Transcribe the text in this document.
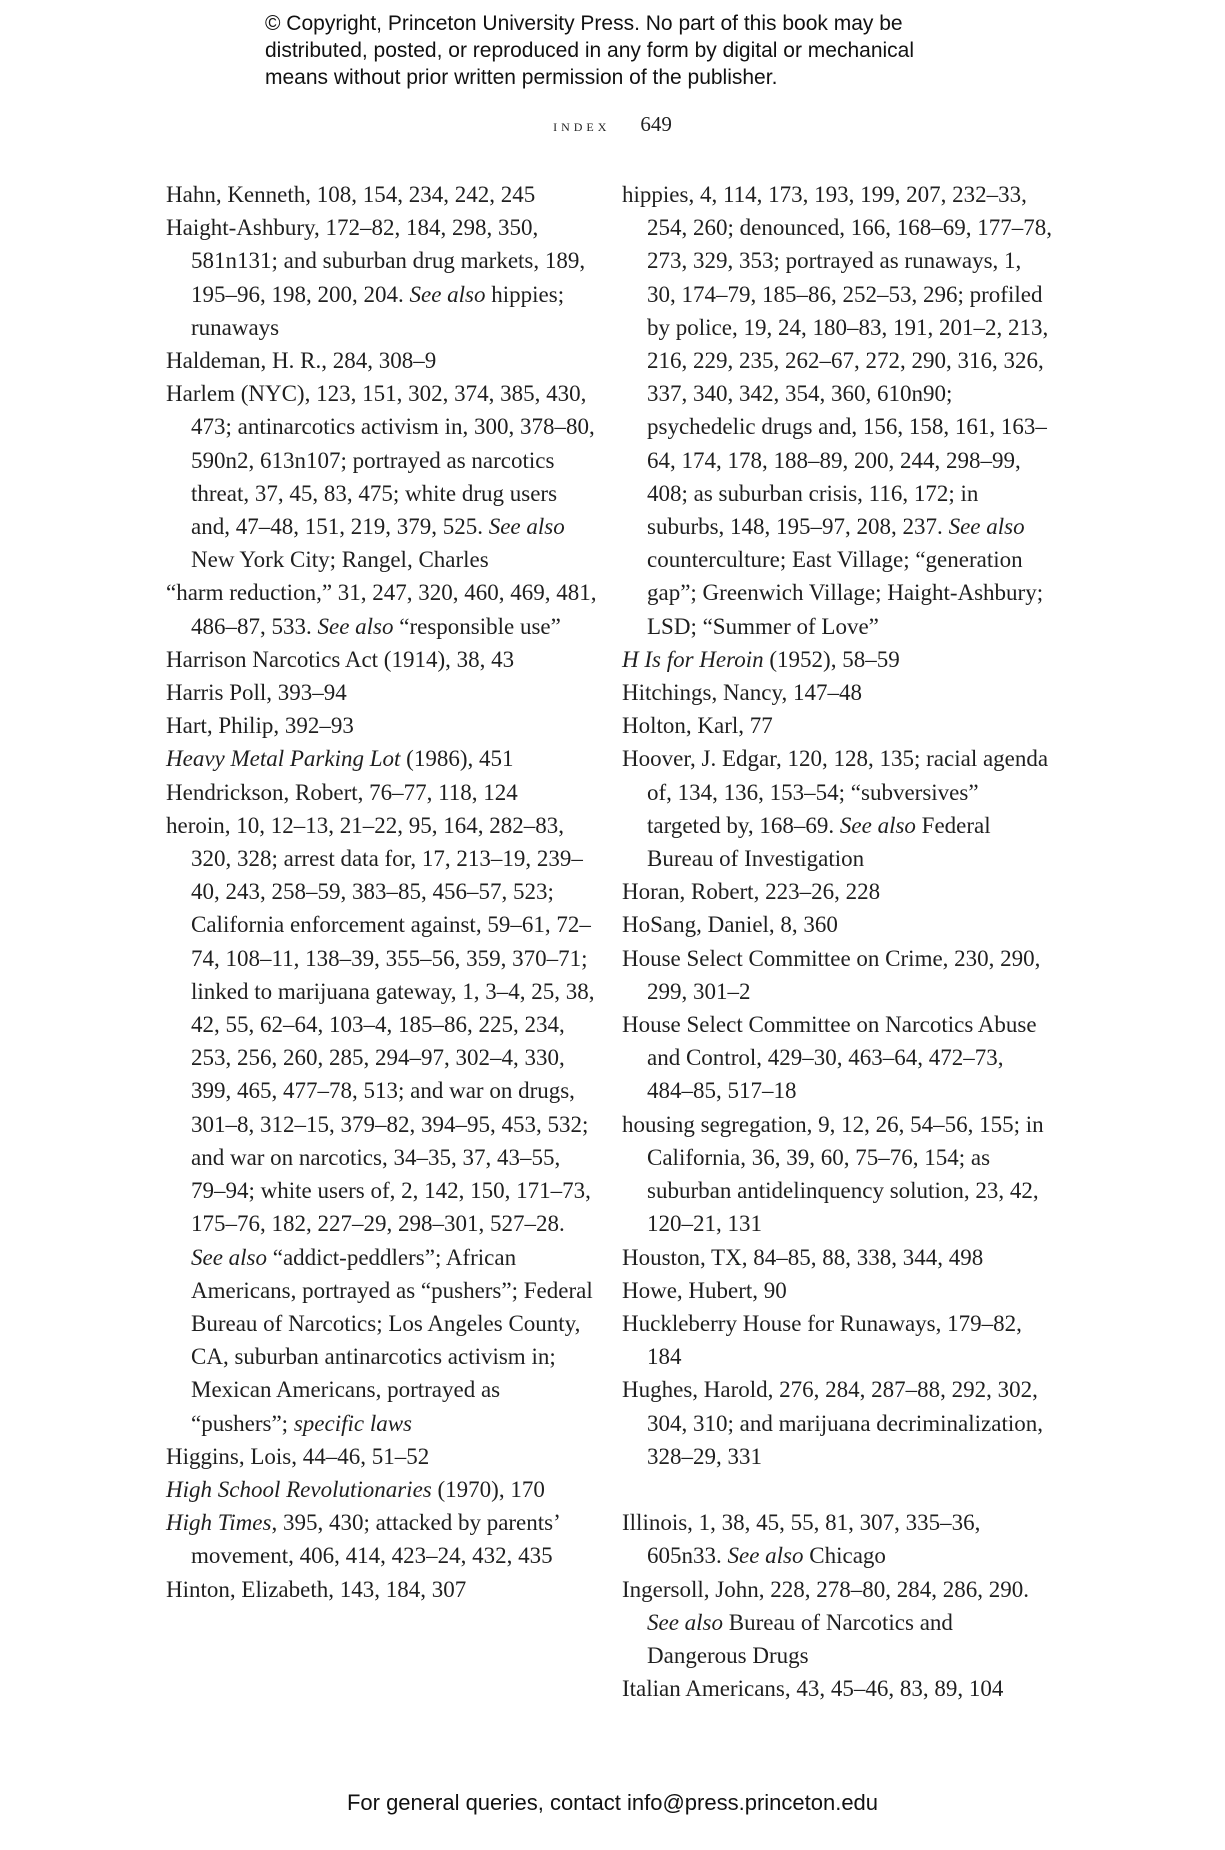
© Copyright, Princeton University Press. No part of this book may be
distributed, posted, or reproduced in any form by digital or mechanical
means without prior written permission of the publisher.
index 649

Hahn, Kenneth, 108, 154, 234, 242, 245

Haight-Ashbury, 172–82, 184, 298, 350, 581n131; and suburban drug markets, 189, 195–96, 198, 200, 204. See also hippies; runaways

Haldeman, H. R., 284, 308–9

Harlem (NYC), 123, 151, 302, 374, 385, 430, 473; antinarcotics activism in, 300, 378–80, 590n2, 613n107; portrayed as narcotics threat, 37, 45, 83, 475; white drug users and, 47–48, 151, 219, 379, 525. See also New York City; Rangel, Charles

“harm reduction,” 31, 247, 320, 460, 469, 481, 486–87, 533. See also “responsible use”

Harrison Narcotics Act (1914), 38, 43

Harris Poll, 393–94

Hart, Philip, 392–93

Heavy Metal Parking Lot (1986), 451

Hendrickson, Robert, 76–77, 118, 124

heroin, 10, 12–13, 21–22, 95, 164, 282–83, 320, 328; arrest data for, 17, 213–19, 239–40, 243, 258–59, 383–85, 456–57, 523; California enforcement against, 59–61, 72–74, 108–11, 138–39, 355–56, 359, 370–71; linked to marijuana gateway, 1, 3–4, 25, 38, 42, 55, 62–64, 103–4, 185–86, 225, 234, 253, 256, 260, 285, 294–97, 302–4, 330, 399, 465, 477–78, 513; and war on drugs, 301–8, 312–15, 379–82, 394–95, 453, 532; and war on narcotics, 34–35, 37, 43–55, 79–94; white users of, 2, 142, 150, 171–73, 175–76, 182, 227–29, 298–301, 527–28. See also “addict-peddlers”; African Americans, portrayed as “pushers”; Federal Bureau of Narcotics; Los Angeles County, CA, suburban antinarcotics activism in; Mexican Americans, portrayed as “pushers”; specific laws

Higgins, Lois, 44–46, 51–52

High School Revolutionaries (1970), 170

High Times, 395, 430; attacked by parents’ movement, 406, 414, 423–24, 432, 435

Hinton, Elizabeth, 143, 184, 307

hippies, 4, 114, 173, 193, 199, 207, 232–33, 254, 260; denounced, 166, 168–69, 177–78, 273, 329, 353; portrayed as runaways, 1, 30, 174–79, 185–86, 252–53, 296; profiled by police, 19, 24, 180–83, 191, 201–2, 213, 216, 229, 235, 262–67, 272, 290, 316, 326, 337, 340, 342, 354, 360, 610n90; psychedelic drugs and, 156, 158, 161, 163–64, 174, 178, 188–89, 200, 244, 298–99, 408; as suburban crisis, 116, 172; in suburbs, 148, 195–97, 208, 237. See also counterculture; East Village; “generation gap”; Greenwich Village; Haight-Ashbury; LSD; “Summer of Love”

H Is for Heroin (1952), 58–59

Hitchings, Nancy, 147–48

Holton, Karl, 77

Hoover, J. Edgar, 120, 128, 135; racial agenda of, 134, 136, 153–54; “subversives” targeted by, 168–69. See also Federal Bureau of Investigation

Horan, Robert, 223–26, 228

HoSang, Daniel, 8, 360

House Select Committee on Crime, 230, 290, 299, 301–2

House Select Committee on Narcotics Abuse and Control, 429–30, 463–64, 472–73, 484–85, 517–18

housing segregation, 9, 12, 26, 54–56, 155; in California, 36, 39, 60, 75–76, 154; as suburban antidelinquency solution, 23, 42, 120–21, 131

Houston, TX, 84–85, 88, 338, 344, 498

Howe, Hubert, 90

Huckleberry House for Runaways, 179–82, 184

Hughes, Harold, 276, 284, 287–88, 292, 302, 304, 310; and marijuana decriminalization, 328–29, 331

Illinois, 1, 38, 45, 55, 81, 307, 335–36, 605n33. See also Chicago

Ingersoll, John, 228, 278–80, 284, 286, 290. See also Bureau of Narcotics and Dangerous Drugs

Italian Americans, 43, 45–46, 83, 89, 104

For general queries, contact info@press.princeton.edu
